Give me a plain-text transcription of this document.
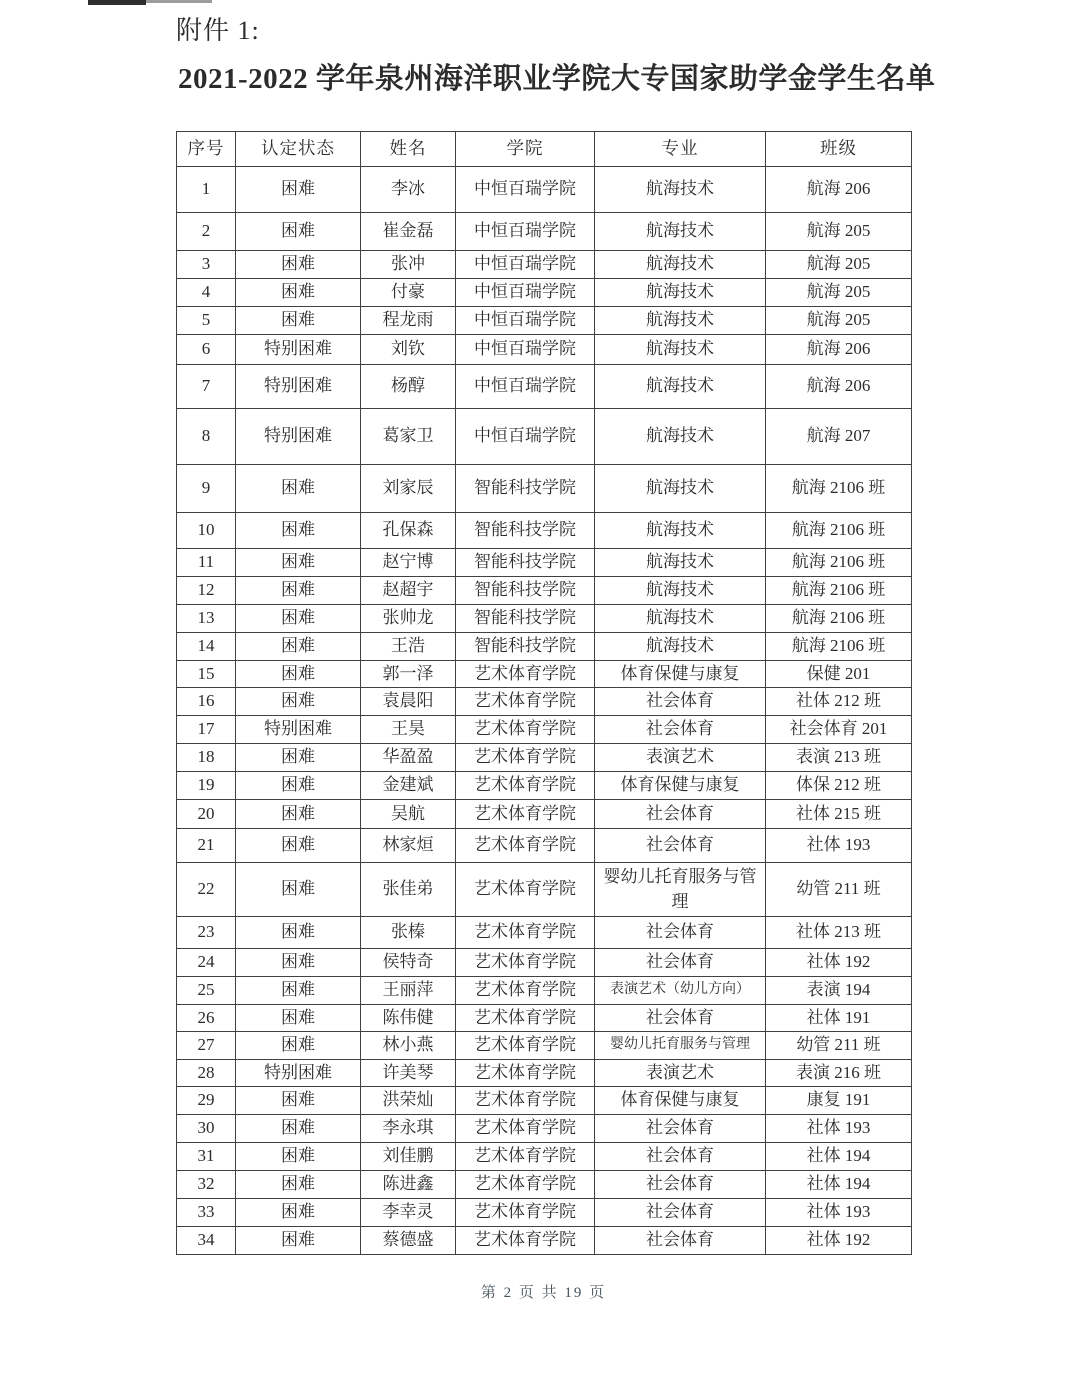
附件 1:
2021-2022 学年泉州海洋职业学院大专国家助学金学生名单
序号	认定状态	姓名	学院	专业	班级
1	困难	李冰	中恒百瑞学院	航海技术	航海 206
2	困难	崔金磊	中恒百瑞学院	航海技术	航海 205
3	困难	张冲	中恒百瑞学院	航海技术	航海 205
4	困难	付豪	中恒百瑞学院	航海技术	航海 205
5	困难	程龙雨	中恒百瑞学院	航海技术	航海 205
6	特别困难	刘钦	中恒百瑞学院	航海技术	航海 206
7	特别困难	杨醇	中恒百瑞学院	航海技术	航海 206
8	特别困难	葛家卫	中恒百瑞学院	航海技术	航海 207
9	困难	刘家辰	智能科技学院	航海技术	航海 2106 班
10	困难	孔保森	智能科技学院	航海技术	航海 2106 班
11	困难	赵宁博	智能科技学院	航海技术	航海 2106 班
12	困难	赵超宇	智能科技学院	航海技术	航海 2106 班
13	困难	张帅龙	智能科技学院	航海技术	航海 2106 班
14	困难	王浩	智能科技学院	航海技术	航海 2106 班
15	困难	郭一泽	艺术体育学院	体育保健与康复	保健 201
16	困难	袁晨阳	艺术体育学院	社会体育	社体 212 班
17	特别困难	王昊	艺术体育学院	社会体育	社会体育 201
18	困难	华盈盈	艺术体育学院	表演艺术	表演 213 班
19	困难	金建斌	艺术体育学院	体育保健与康复	体保 212 班
20	困难	吴航	艺术体育学院	社会体育	社体 215 班
21	困难	林家烜	艺术体育学院	社会体育	社体 193
22	困难	张佳弟	艺术体育学院	婴幼儿托育服务与管理	幼管 211 班
23	困难	张榛	艺术体育学院	社会体育	社体 213 班
24	困难	侯特奇	艺术体育学院	社会体育	社体 192
25	困难	王丽萍	艺术体育学院	表演艺术（幼儿方向）	表演 194
26	困难	陈伟健	艺术体育学院	社会体育	社体 191
27	困难	林小燕	艺术体育学院	婴幼儿托育服务与管理	幼管 211 班
28	特别困难	许美琴	艺术体育学院	表演艺术	表演 216 班
29	困难	洪荣灿	艺术体育学院	体育保健与康复	康复 191
30	困难	李永琪	艺术体育学院	社会体育	社体 193
31	困难	刘佳鹏	艺术体育学院	社会体育	社体 194
32	困难	陈进鑫	艺术体育学院	社会体育	社体 194
33	困难	李幸灵	艺术体育学院	社会体育	社体 193
34	困难	蔡德盛	艺术体育学院	社会体育	社体 192
第 2 页 共 19 页
